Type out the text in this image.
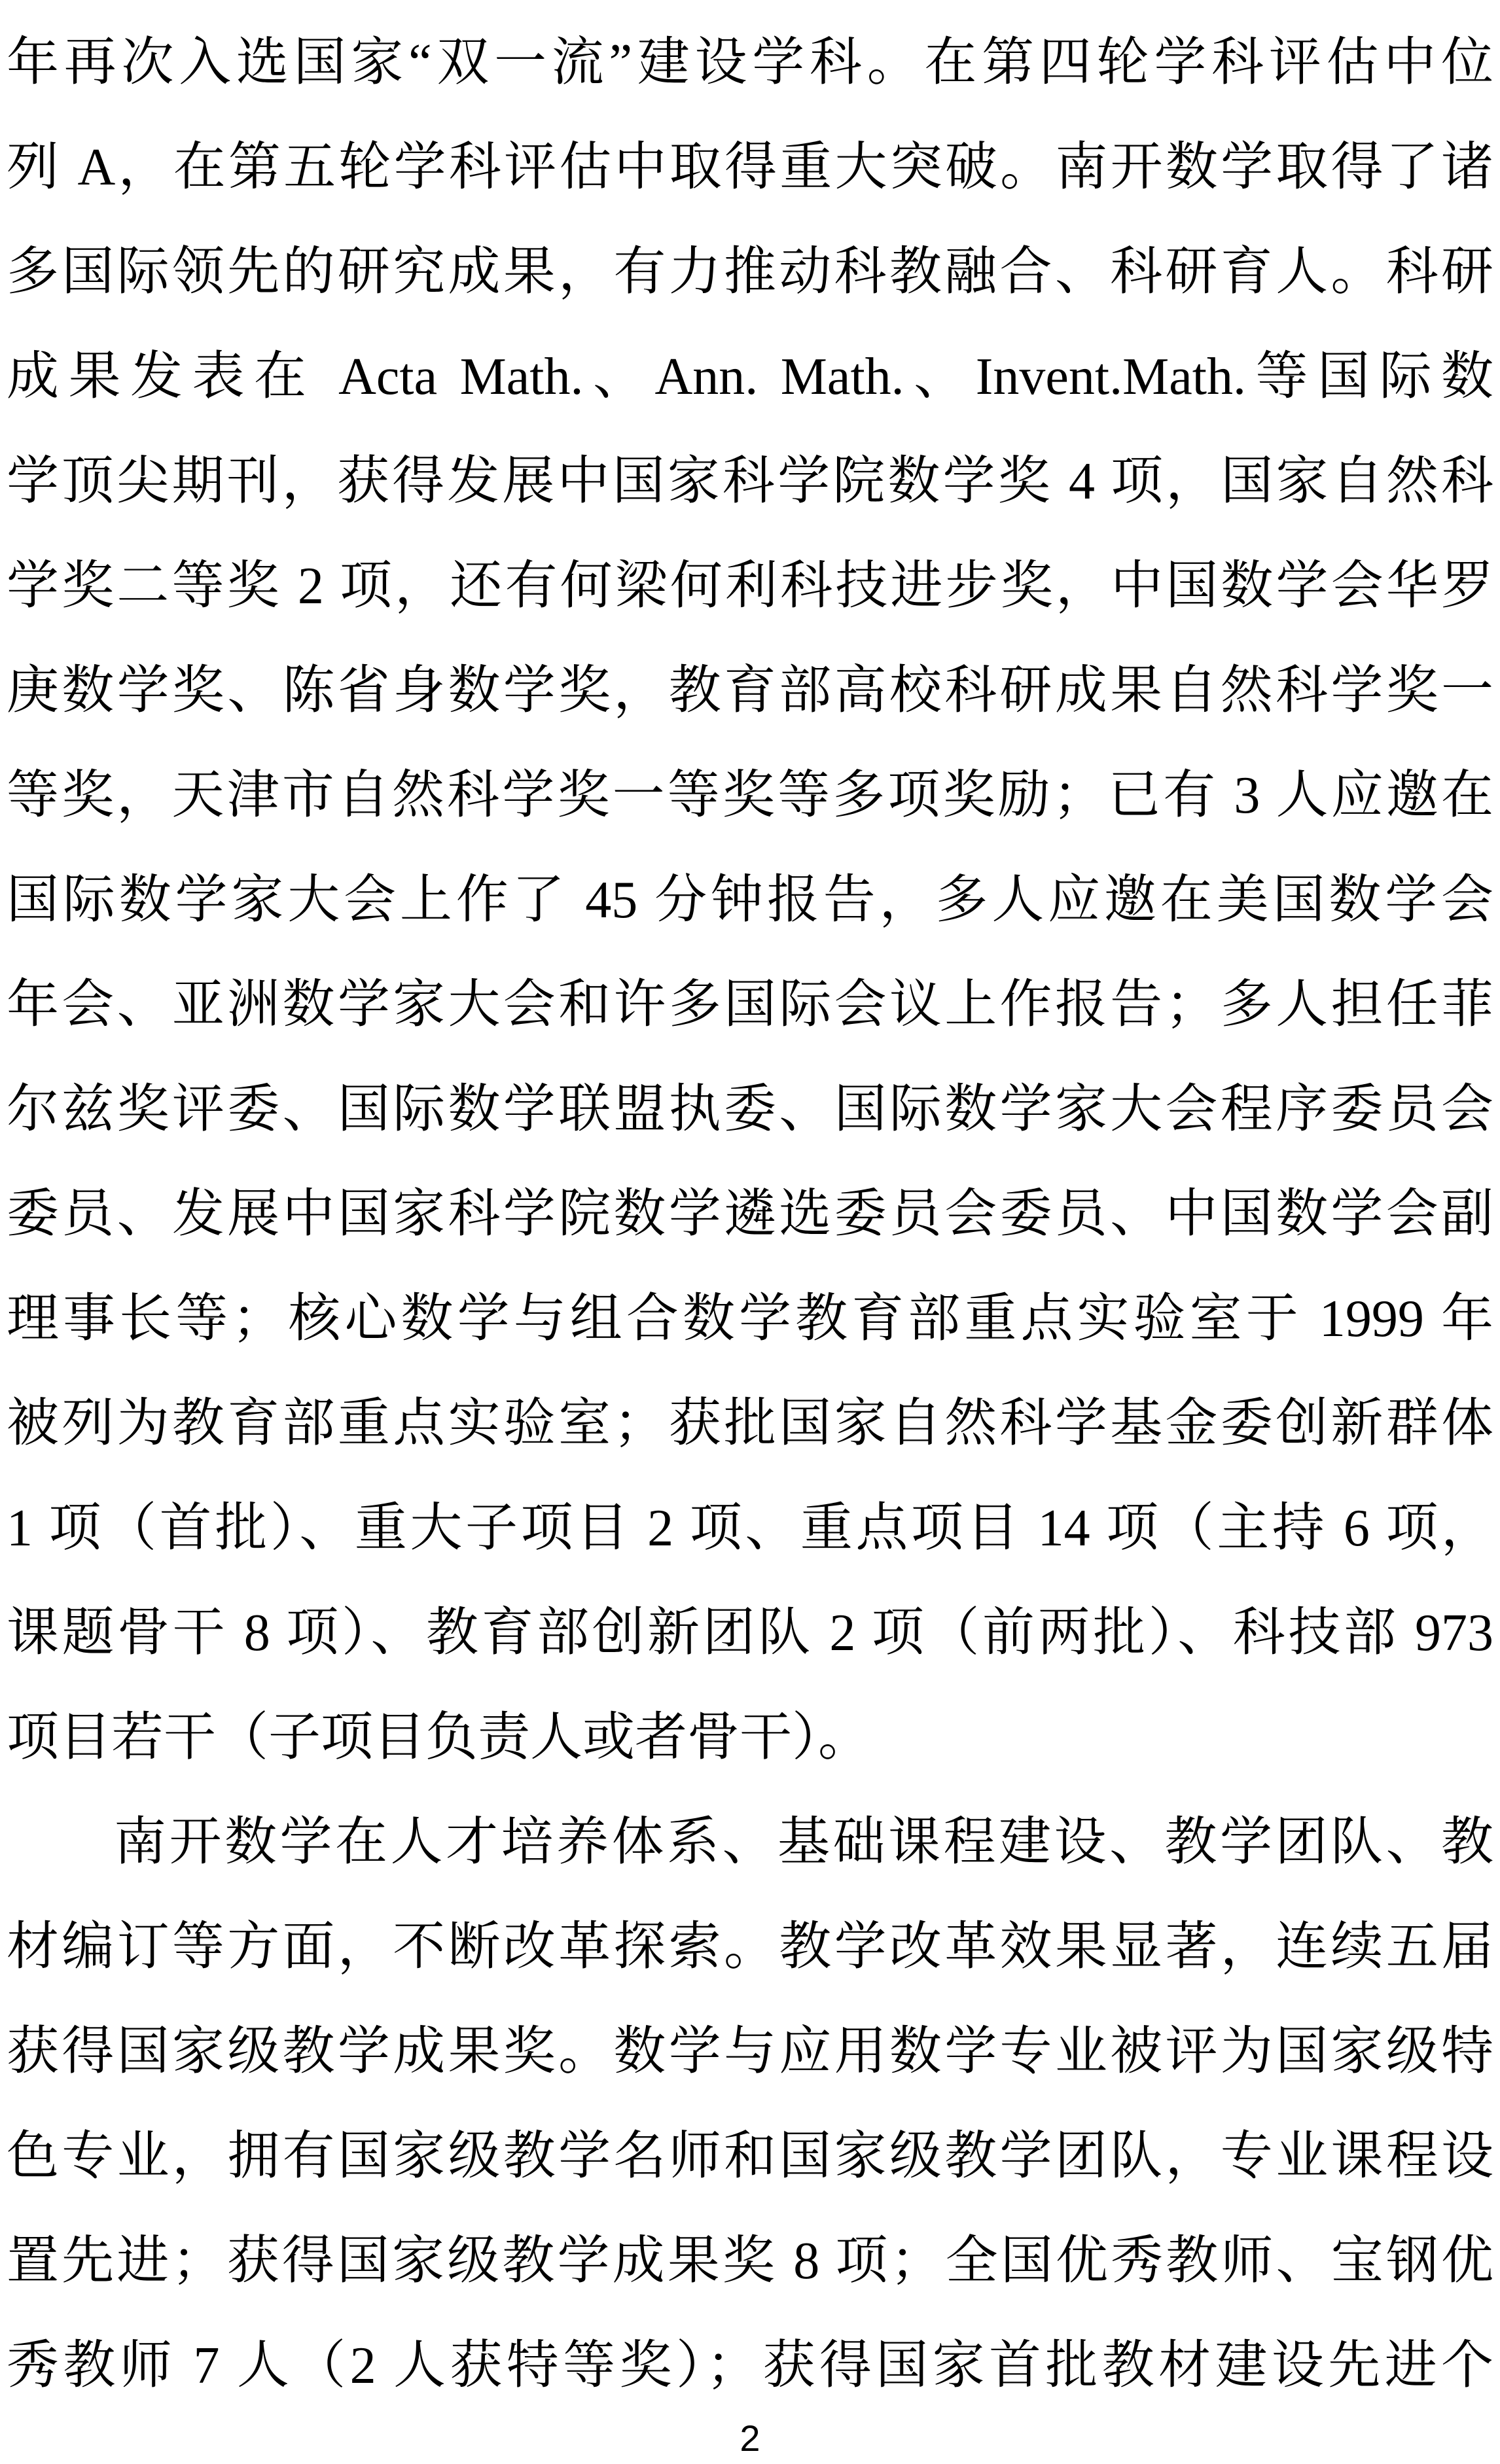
年再次入选国家“双一流”建设学科。在第四轮学科评估中位
列 A，在第五轮学科评估中取得重大突破。南开数学取得了诸
多国际领先的研究成果，有力推动科教融合、科研育人。科研
成果发表在 Acta Math.、Ann. Math.、Invent.Math.等国际数
学顶尖期刊，获得发展中国家科学院数学奖 4 项，国家自然科
学奖二等奖 2 项，还有何梁何利科技进步奖，中国数学会华罗
庚数学奖、陈省身数学奖，教育部高校科研成果自然科学奖一
等奖，天津市自然科学奖一等奖等多项奖励；已有 3 人应邀在
国际数学家大会上作了 45 分钟报告，多人应邀在美国数学会
年会、亚洲数学家大会和许多国际会议上作报告；多人担任菲
尔兹奖评委、国际数学联盟执委、国际数学家大会程序委员会
委员、发展中国家科学院数学遴选委员会委员、中国数学会副
理事长等；核心数学与组合数学教育部重点实验室于 1999 年
被列为教育部重点实验室；获批国家自然科学基金委创新群体
1 项（首批）、重大子项目 2 项、重点项目 14 项（主持 6 项，
课题骨干 8 项）、教育部创新团队 2 项（前两批）、科技部 973
项目若干（子项目负责人或者骨干）。
南开数学在人才培养体系、基础课程建设、教学团队、教
材编订等方面，不断改革探索。教学改革效果显著，连续五届
获得国家级教学成果奖。数学与应用数学专业被评为国家级特
色专业，拥有国家级教学名师和国家级教学团队，专业课程设
置先进；获得国家级教学成果奖 8 项；全国优秀教师、宝钢优
秀教师 7 人（2 人获特等奖）；获得国家首批教材建设先进个
2
